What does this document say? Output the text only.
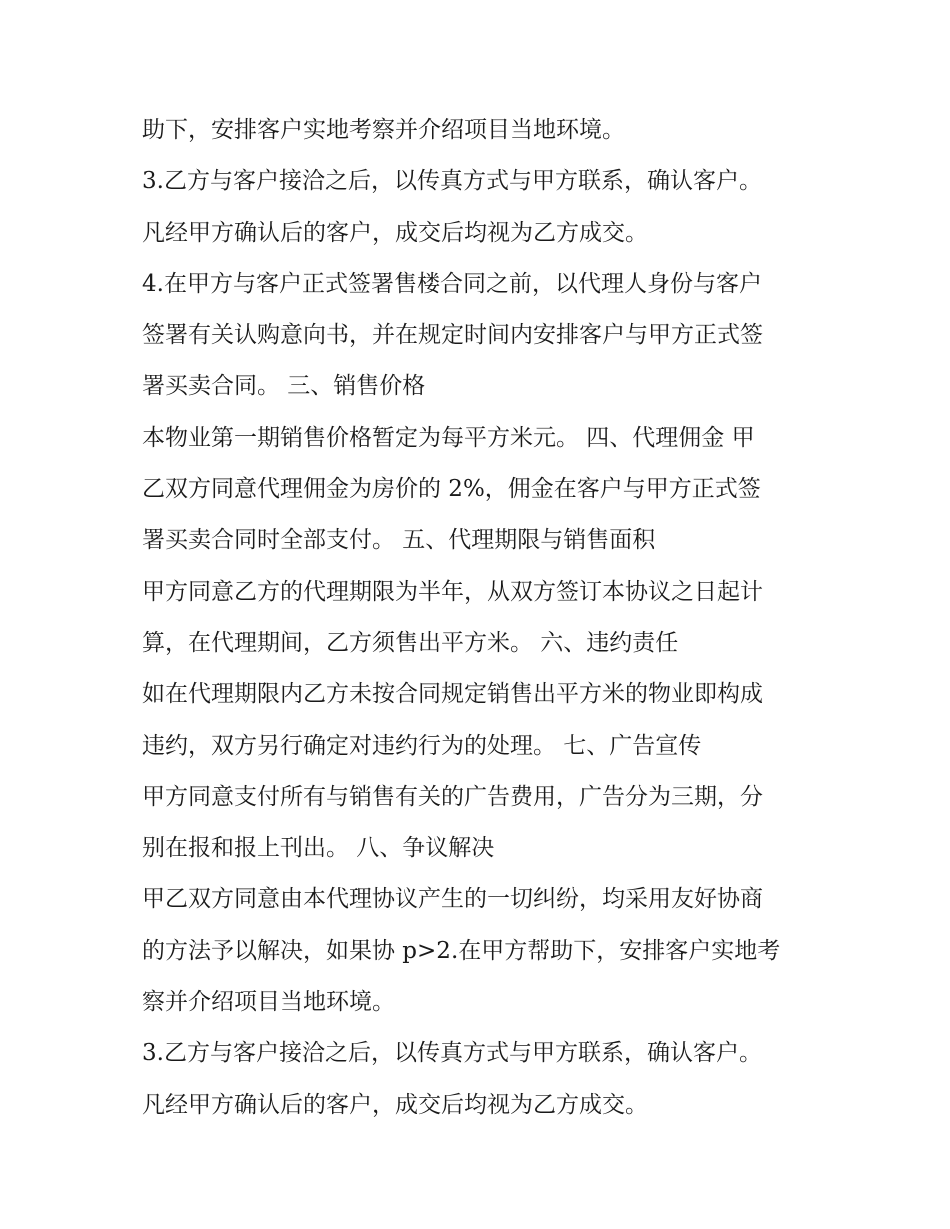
助下，安排客户实地考察并介绍项目当地环境。
3.乙方与客户接洽之后，以传真方式与甲方联系，确认客户。
凡经甲方确认后的客户，成交后均视为乙方成交。
4.在甲方与客户正式签署售楼合同之前，以代理人身份与客户
签署有关认购意向书，并在规定时间内安排客户与甲方正式签
署买卖合同。 三、销售价格
本物业第一期销售价格暂定为每平方米元。 四、代理佣金 甲
乙双方同意代理佣金为房价的 2%，佣金在客户与甲方正式签
署买卖合同时全部支付。 五、代理期限与销售面积
甲方同意乙方的代理期限为半年，从双方签订本协议之日起计
算，在代理期间，乙方须售出平方米。 六、违约责任
如在代理期限内乙方未按合同规定销售出平方米的物业即构成
违约，双方另行确定对违约行为的处理。 七、广告宣传
甲方同意支付所有与销售有关的广告费用，广告分为三期，分
别在报和报上刊出。 八、争议解决
甲乙双方同意由本代理协议产生的一切纠纷，均采用友好协商
的方法予以解决，如果协 p>2.在甲方帮助下，安排客户实地考
察并介绍项目当地环境。
3.乙方与客户接洽之后，以传真方式与甲方联系，确认客户。
凡经甲方确认后的客户，成交后均视为乙方成交。
